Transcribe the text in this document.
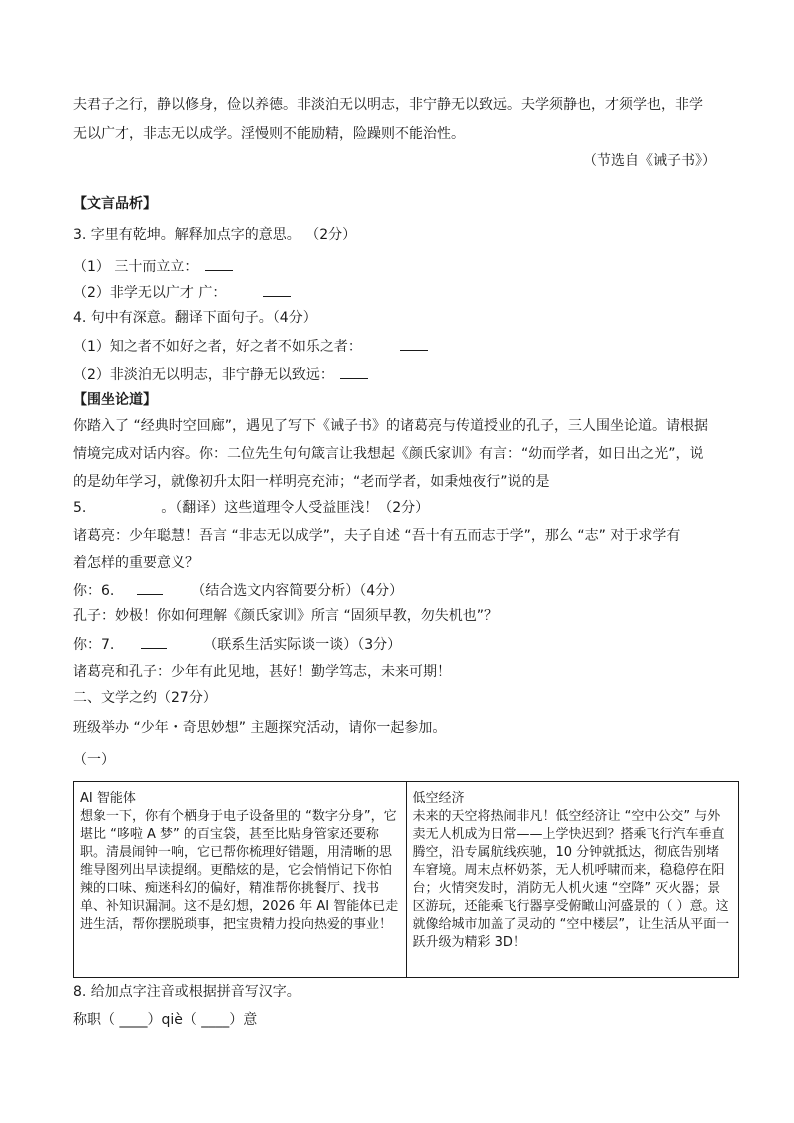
夫君子之行，静以修身，俭以养德。非淡泊无以明志，非宁静无以致远。夫学须静也，才须学也，非学
无以广才，非志无以成学。淫慢则不能励精，险躁则不能治性。
（节选自《诫子书》）
【文言品析】
3. 字里有乾坤。解释加点字的意思。 （2分）
（1） 三十而立立：
（2）非学无以广才 广：
4. 句中有深意。翻译下面句子。（4分）
（1）知之者不如好之者，好之者不如乐之者：
（2）非淡泊无以明志，非宁静无以致远：
【围坐论道】
你踏入了 “经典时空回廊”，遇见了写下《诫子书》的诸葛亮与传道授业的孔子，三人围坐论道。请根据
情境完成对话内容。你：二位先生句句箴言让我想起《颜氏家训》有言：“幼而学者，如日出之光”，说
的是幼年学习，就像初升太阳一样明亮充沛；“老而学者，如秉烛夜行”说的是
5.	。（翻译）这些道理令人受益匪浅！（2分）
诸葛亮：少年聪慧！吾言 “非志无以成学”，夫子自述 “吾十有五而志于学”，那么 “志” 对于求学有
着怎样的重要意义？
你：6.	（结合选文内容简要分析）（4分）
孔子：妙极！你如何理解《颜氏家训》所言 “固须早教，勿失机也”？
你：7.	（联系生活实际谈一谈）（3分）
诸葛亮和孔子：少年有此见地，甚好！勤学笃志，未来可期！
二、文学之约（27分）
班级举办 “少年・奇思妙想” 主题探究活动，请你一起参加。
（一）
AI 智能体
想象一下，你有个栖身于电子设备里的 “数字分身”，它堪比 “哆啦 A 梦” 的百宝袋，甚至比贴身管家还要称职。清晨闹钟一响，它已帮你梳理好错题，用清晰的思维导图列出早读提纲。更酷炫的是，它会悄悄记下你怕辣的口味、痴迷科幻的偏好，精准帮你挑餐厅、找书单、补知识漏洞。这不是幻想，2026 年 AI 智能体已走进生活，帮你摆脱琐事，把宝贵精力投向热爱的事业！

低空经济
未来的天空将热闹非凡！低空经济让 “空中公交” 与外卖无人机成为日常——上学快迟到？搭乘飞行汽车垂直腾空，沿专属航线疾驰，10 分钟就抵达，彻底告别堵车窘境。周末点杯奶茶，无人机呼啸而来，稳稳停在阳台；火情突发时，消防无人机火速 “空降” 灭火器；景区游玩，还能乘飞行器享受俯瞰山河盛景的（ ）意。这就像给城市加盖了灵动的 “空中楼层”，让生活从平面一跃升级为精彩 3D！
8. 给加点字注音或根据拼音写汉字。
称职（ ____）qiè（ ____）意
